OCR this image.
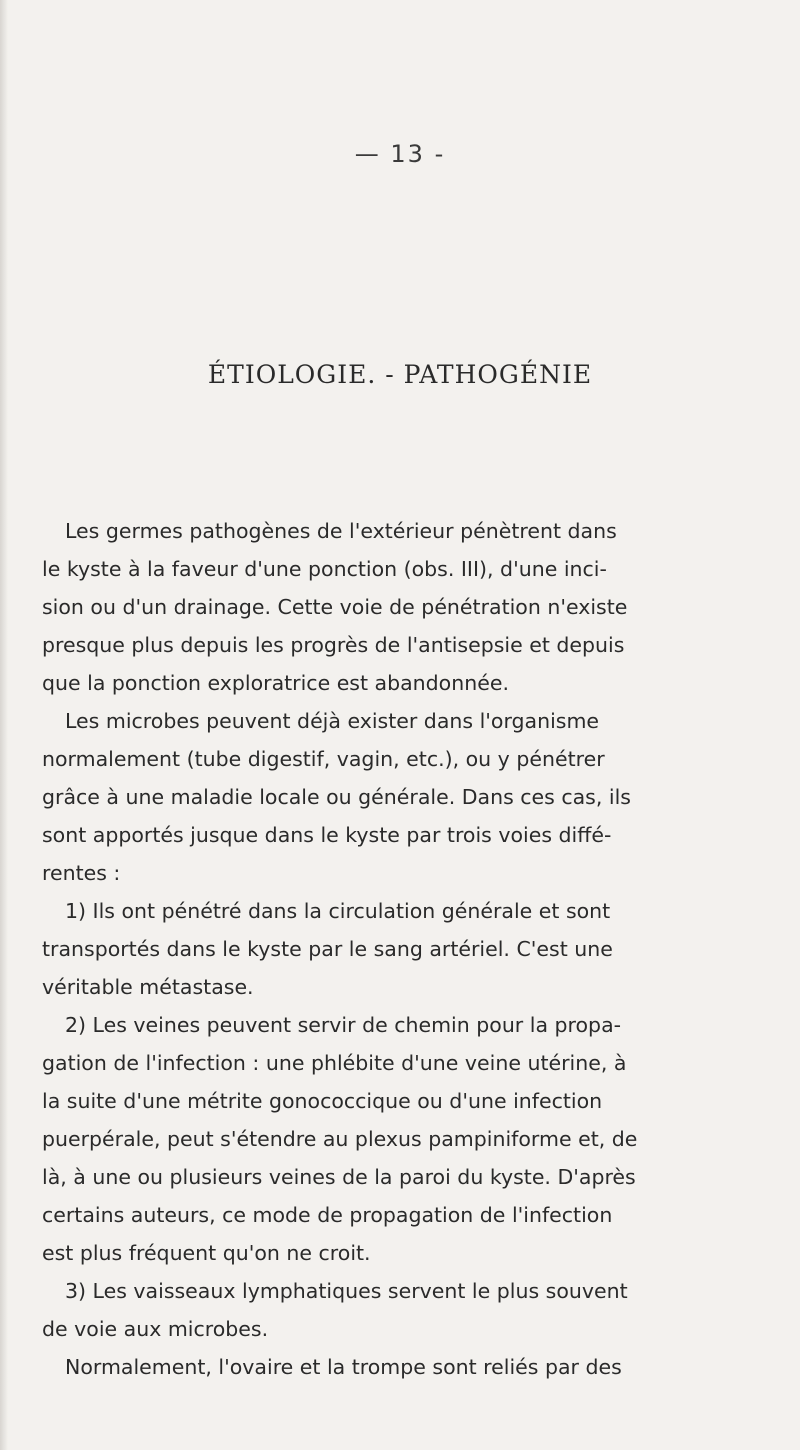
— 13 -
ÉTIOLOGIE. - PATHOGÉNIE
Les germes pathogènes de l'extérieur pénètrent dans
le kyste à la faveur d'une ponction (obs. III), d'une inci-
sion ou d'un drainage. Cette voie de pénétration n'existe
presque plus depuis les progrès de l'antisepsie et depuis
que la ponction exploratrice est abandonnée.
Les microbes peuvent déjà exister dans l'organisme
normalement (tube digestif, vagin, etc.), ou y pénétrer
grâce à une maladie locale ou générale. Dans ces cas, ils
sont apportés jusque dans le kyste par trois voies diffé-
rentes :
1) Ils ont pénétré dans la circulation générale et sont
transportés dans le kyste par le sang artériel. C'est une
véritable métastase.
2) Les veines peuvent servir de chemin pour la propa-
gation de l'infection : une phlébite d'une veine utérine, à
la suite d'une métrite gonococcique ou d'une infection
puerpérale, peut s'étendre au plexus pampiniforme et, de
là, à une ou plusieurs veines de la paroi du kyste. D'après
certains auteurs, ce mode de propagation de l'infection
est plus fréquent qu'on ne croit.
3) Les vaisseaux lymphatiques servent le plus souvent
de voie aux microbes.
Normalement, l'ovaire et la trompe sont reliés par des
